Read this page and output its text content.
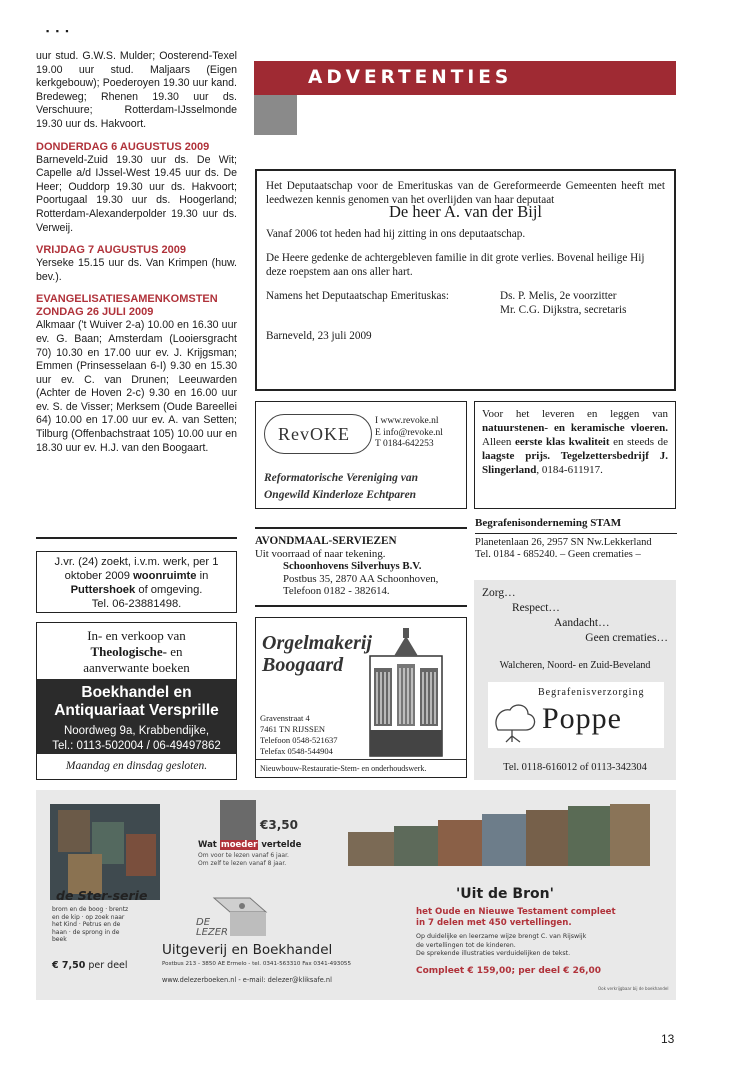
▪ ▪ ▪

uur stud. G.W.S. Mulder; Oosterend-Texel 19.00 uur stud. Maljaars (Eigen kerkgebouw); Poederoyen 19.30 uur kand. Bredeweg; Rhenen 19.30 uur ds. Verschuure; Rotterdam-IJsselmonde 19.30 uur ds. Hakvoort.

DONDERDAG 6 AUGUSTUS 2009

Barneveld-Zuid 19.30 uur ds. De Wit; Capelle a/d IJssel-West 19.45 uur ds. De Heer; Ouddorp 19.30 uur ds. Hakvoort; Poortugaal 19.30 uur ds. Hoogerland; Rotterdam-Alexanderpolder 19.30 uur ds. Verweij.

VRIJDAG 7 AUGUSTUS 2009

Yerseke 15.15 uur ds. Van Krimpen (huw. bev.).

EVANGELISATIESAMENKOMSTEN ZONDAG 26 JULI 2009

Alkmaar ('t Wuiver 2-a) 10.00 en 16.30 uur ev. G. Baan; Amsterdam (Looiersgracht 70) 10.30 en 17.00 uur ev. J. Krijgsman; Emmen (Prinsesselaan 6-I) 9.30 en 15.30 uur ev. C. van Drunen; Leeuwarden (Achter de Hoven 2-c) 9.30 en 16.00 uur ev. S. de Visser; Merksem (Oude Bareellei 64) 10.00 en 17.00 uur ev. A. van Setten; Tilburg (Offenbachstraat 105) 10.00 uur en 18.30 uur ev. H.J. van den Boogaart.

ADVERTENTIES
Het Deputaatschap voor de Emerituskas van de Gereformeerde Gemeenten heeft met leedwezen kennis genomen van het overlijden van haar deputaat
De heer A. van der Bijl
Vanaf 2006 tot heden had hij zitting in ons deputaatschap.
De Heere gedenke de achtergebleven familie in dit grote verlies. Bovenal heilige Hij deze roepstem aan ons aller hart.
Namens het Deputaatschap Emerituskas:	Ds. P. Melis, 2e voorzitter
Mr. C.G. Dijkstra, secretaris
Barneveld, 23 juli 2009
RevOKE
I www.revoke.nl
E info@revoke.nl
T 0184-642253
Reformatorische Vereniging van
Ongewild Kinderloze Echtparen
Voor het leveren en leggen van natuurstenen- en keramische vloeren. Alleen eerste klas kwaliteit en steeds de laagste prijs. Tegelzettersbedrijf J. Slingerland, 0184-611917.
Begrafenisonderneming STAM
Planetenlaan 26, 2957 SN Nw.Lekkerland
Tel. 0184 - 685240. – Geen crematies –
J.vr. (24) zoekt, i.v.m. werk, per 1 oktober 2009 woonruimte in Puttershoek of omgeving.
Tel. 06-23881498.
AVONDMAAL-SERVIEZEN
Uit voorraad of naar tekening.
Schoonhovens Silverhuys B.V.
Postbus 35, 2870 AA Schoonhoven,
Telefoon 0182 - 382614.
In- en verkoop van
Theologische- en
aanverwante boeken
Boekhandel en
Antiquariaat Versprille
Noordweg 9a, Krabbendijke,
Tel.: 0113-502004 / 06-49497862
Maandag en dinsdag gesloten.
Orgelmakerij
Boogaard
Gravenstraat 4
7461 TN RIJSSEN
Telefoon 0548-521637
Telefax 0548-544904
Nieuwbouw-Restauratie-Stem- en onderhoudswerk.
Zorg…
Respect…
Aandacht…
Geen crematies…
Walcheren, Noord- en Zuid-Beveland
Begrafenisverzorging
Poppe
Tel. 0118-616012 of 0113-342304
de Ster-serie
brom en de boog · brentz en de kip · op zoek naar het Kind · Petrus en de haan · de sprong in de beek
€ 7,50 per deel
€3,50
Wat moeder vertelde
Om voor te lezen vanaf 6 jaar.
Om zelf te lezen vanaf 8 jaar.
DE LEZER
Uitgeverij en Boekhandel
Postbus 213 - 3850 AE Ermelo - tel. 0341-563310 Fax 0341-493055
www.delezerboeken.nl - e-mail: delezer@kliksafe.nl
'Uit de Bron'
het Oude en Nieuwe Testament compleet
in 7 delen met 450 vertellingen.
Op duidelijke en leerzame wijze brengt C. van Rijswijk
de vertellingen tot de kinderen.
De sprekende illustraties verduidelijken de tekst.
Compleet € 159,00; per deel € 26,00
Ook verkrijgbaar bij de boekhandel
13
